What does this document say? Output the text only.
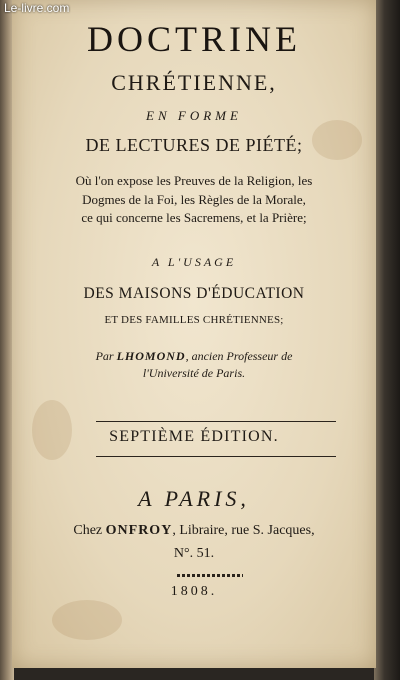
Le-livre.com
DOCTRINE
CHRÉTIENNE,
EN FORME
DE LECTURES DE PIÉTÉ;
Où l'on expose les Preuves de la Religion, les
Dogmes de la Foi, les Règles de la Morale,
ce qui concerne les Sacremens, et la Prière;
A L'USAGE
DES MAISONS D'ÉDUCATION
ET DES FAMILLES CHRÉTIENNES;
Par LHOMOND, ancien Professeur de
l'Université de Paris.
SEPTIÈME ÉDITION.
A PARIS,
Chez ONFROY, Libraire, rue S. Jacques,
N°. 51.
1808.
